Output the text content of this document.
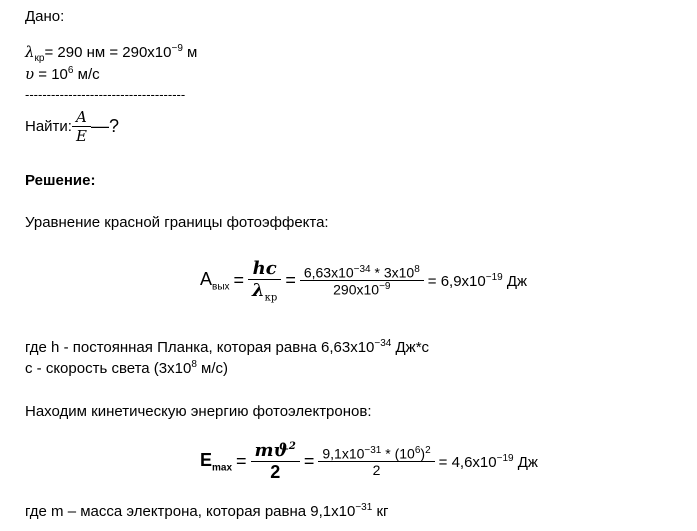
Дано:
$\lambda_{кр}= 290$ нм = $290x10^{-9}$ м
$\upsilon = 10^6$ м/с
-------------------------------------
Найти: $\frac{A}{E}$ —?
Решение:
Уравнение красной границы фотоэффекта:
$А_{вых} = \frac{hc}{\lambda_{кр}} = \frac{6,63x10^{-34} * 3x10^8}{290x10^{-9}} = 6,9x10^{-19}$ Дж
где h - постоянная Планка, которая равна $6,63x10^{-34}$ Дж*с
с - скорость света ($3x10^8$ м/с)
Находим кинетическую энергию фотоэлектронов:
$E_{max} = \frac{mϑ^2}{2} = \frac{9,1x10^{-31} * (10^6)^2}{2} = 4,6x10^{-19}$ Дж
где m – масса электрона, которая равна $9,1x10^{-31}$ кг
